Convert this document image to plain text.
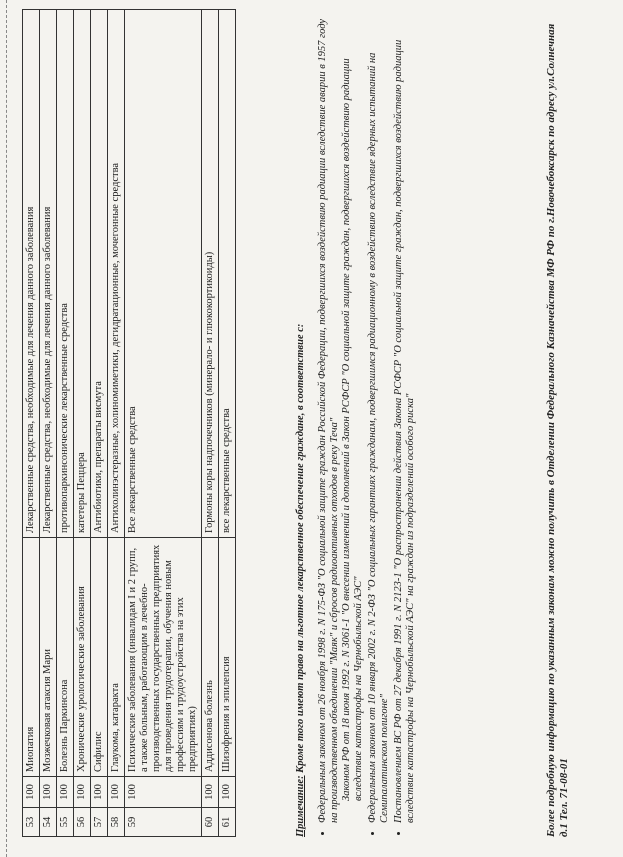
53	100	Миопатия	Лекарственные средства, необходимые для лечения данного заболевания
54	100	Мозжечковая атаксия Мари	Лекарственные средства, необходимые для лечения данного заболевания
55	100	Болезнь Паркинсона	противопаркинсонические лекарственные средства
56	100	Хронические урологические заболевания	катетеры Пеццера
57	100	Сифилис	Антибиотики, препараты висмута
58	100	Глаукома, катаракта	Антихолинэстеразные, холиномиметики, дегидратационные, мочегонные средства
59	100	Психические заболевания (инвалидам I и 2 групп, а также больным, работающим в лечебно-производственных государственных предприятиях для проведения трудотерапии, обучения новым профессиям и трудоустройства на этих предприятиях)	Все лекарственные средства
60	100	Аддисонова болезнь	Гормоны коры надпочечников (минерало- и глюкокортикоиды)
61	100	Шизофрения и эпилепсия	все лекарственные средства

Примечание: Кроме того имеют право на льготное лекарственное обеспечение граждане, в соответствие с: • Федеральным законом от 26 ноября 1998 г. N 175-ФЗ "О социальной защите граждан Российской Федерации, подвергшихся воздействию радиации вследствие аварии в 1957 году на производственном объединении "Маяк" и сбросов радиоактивных отходов в реку Теча" Законом РФ от 18 июня 1992 г. N 3061-1 "О внесении изменений и дополнений в Закон РСФСР "О социальной защите граждан, подвергшихся воздействию радиации вследствие катастрофы на Чернобыльской АЭС" • Федеральным законом от 10 января 2002 г. N 2-ФЗ "О социальных гарантиях гражданам, подвергшимся радиационному в воздействию вследствие ядерных испытаний на Семипалатинском полигоне" • Постановлением ВС РФ от 27 декабря 1991 г. N 2123-1 "О распространении действия Закона РСФСР "О социальной защите граждан, подвергшихся воздействию радиации вследствие катастрофы на Чернобыльской АЭС" на граждан из подразделений особого риска"	Более подробную информацию по указанным законам можно получить в Отделении Федерального Казначейства МФ РФ по г.Новочебоксарск по адресу ул.Солнечная д.1 Тел. 71-08-01
